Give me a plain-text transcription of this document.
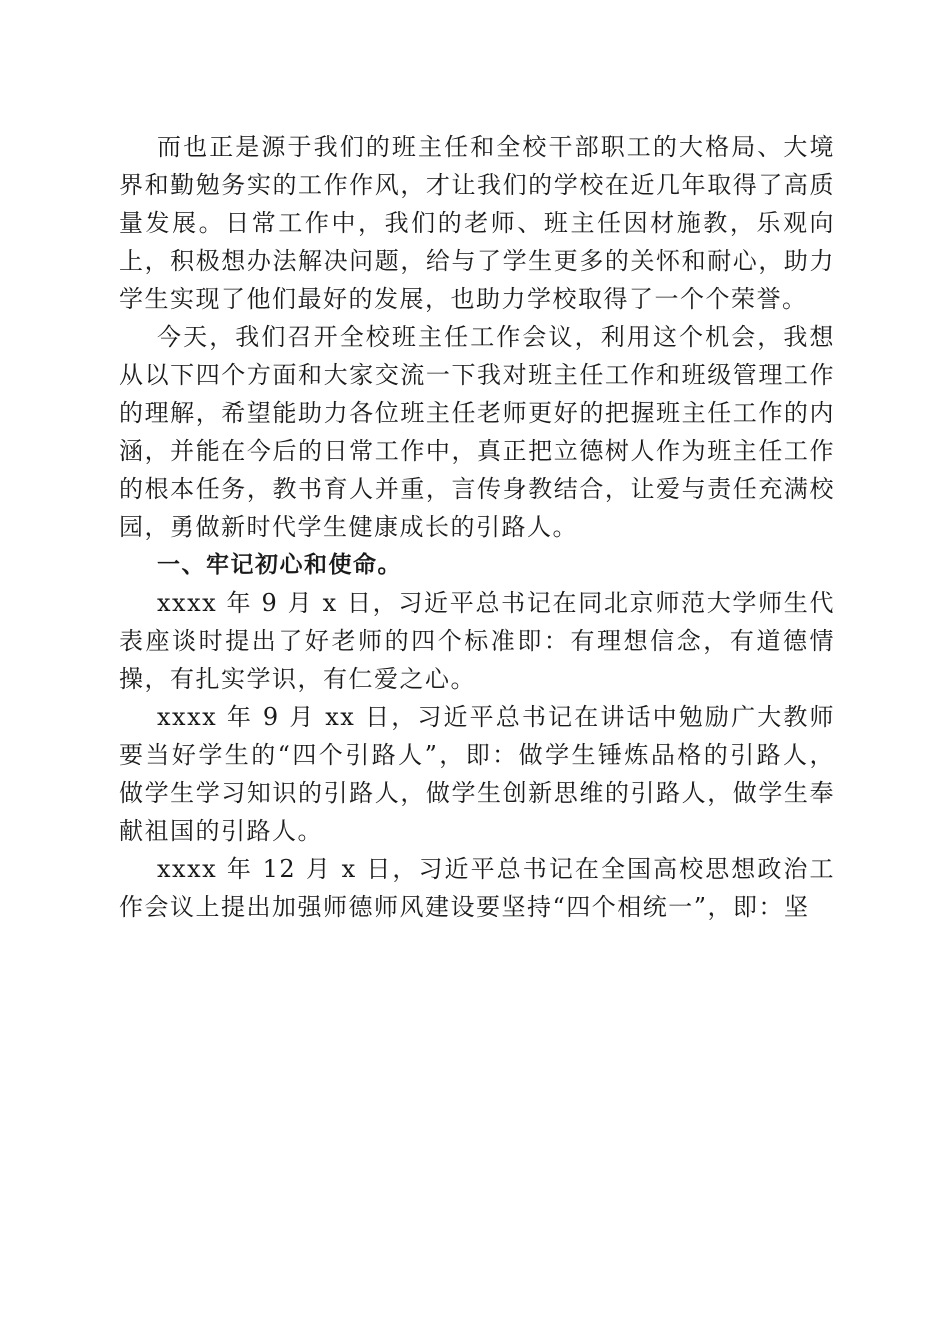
而也正是源于我们的班主任和全校干部职工的大格局、大境界和勤勉务实的工作作风，才让我们的学校在近几年取得了高质量发展。日常工作中，我们的老师、班主任因材施教，乐观向上，积极想办法解决问题，给与了学生更多的关怀和耐心，助力学生实现了他们最好的发展，也助力学校取得了一个个荣誉。

今天，我们召开全校班主任工作会议，利用这个机会，我想从以下四个方面和大家交流一下我对班主任工作和班级管理工作的理解，希望能助力各位班主任老师更好的把握班主任工作的内涵，并能在今后的日常工作中，真正把立德树人作为班主任工作的根本任务，教书育人并重，言传身教结合，让爱与责任充满校园，勇做新时代学生健康成长的引路人。

一、牢记初心和使命。

xxxx 年 9 月 x 日，习近平总书记在同北京师范大学师生代表座谈时提出了好老师的四个标准即：有理想信念，有道德情操，有扎实学识，有仁爱之心。

xxxx 年 9 月 xx 日，习近平总书记在讲话中勉励广大教师要当好学生的“四个引路人”，即：做学生锤炼品格的引路人，做学生学习知识的引路人，做学生创新思维的引路人，做学生奉献祖国的引路人。

xxxx 年 12 月 x 日，习近平总书记在全国高校思想政治工作会议上提出加强师德师风建设要坚持“四个相统一”，即：坚
